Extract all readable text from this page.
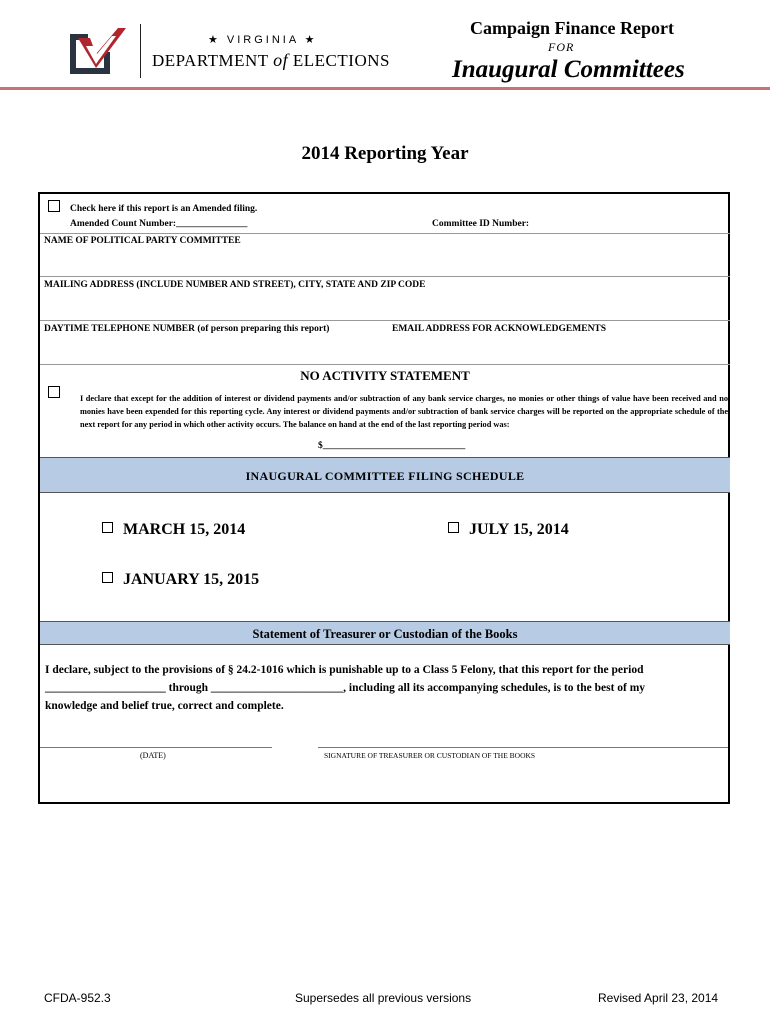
★ VIRGINIA ★
DEPARTMENT of ELECTIONS
Campaign Finance Report
FOR
Inaugural Committees
2014 Reporting Year
Check here if this report is an Amended filing.
Amended Count Number:_______________	Committee ID Number:
NAME OF POLITICAL PARTY COMMITTEE
MAILING ADDRESS (INCLUDE NUMBER AND STREET), CITY, STATE AND ZIP CODE
DAYTIME TELEPHONE NUMBER (of person preparing this report)	EMAIL ADDRESS FOR ACKNOWLEDGEMENTS
NO ACTIVITY STATEMENT
I declare that except for the addition of interest or dividend payments and/or subtraction of any bank service charges, no monies or other things of value have been received and no monies have been expended for this reporting cycle. Any interest or dividend payments and/or subtraction of bank service charges will be reported on the appropriate schedule of the next report for any period in which other activity occurs. The balance on hand at the end of the last reporting period was:
$______________________________
INAUGURAL COMMITTEE FILING SCHEDULE
MARCH 15, 2014	JULY 15, 2014
JANUARY 15, 2015
Statement of Treasurer or Custodian of the Books
I declare, subject to the provisions of § 24.2-1016 which is punishable up to a Class 5 Felony, that this report for the period
_____________________ through _______________________, including all its accompanying schedules, is to the best of my
knowledge and belief true, correct and complete.
(DATE)	SIGNATURE OF TREASURER OR CUSTODIAN OF THE BOOKS
CFDA-952.3	Supersedes all previous versions	Revised April 23, 2014
